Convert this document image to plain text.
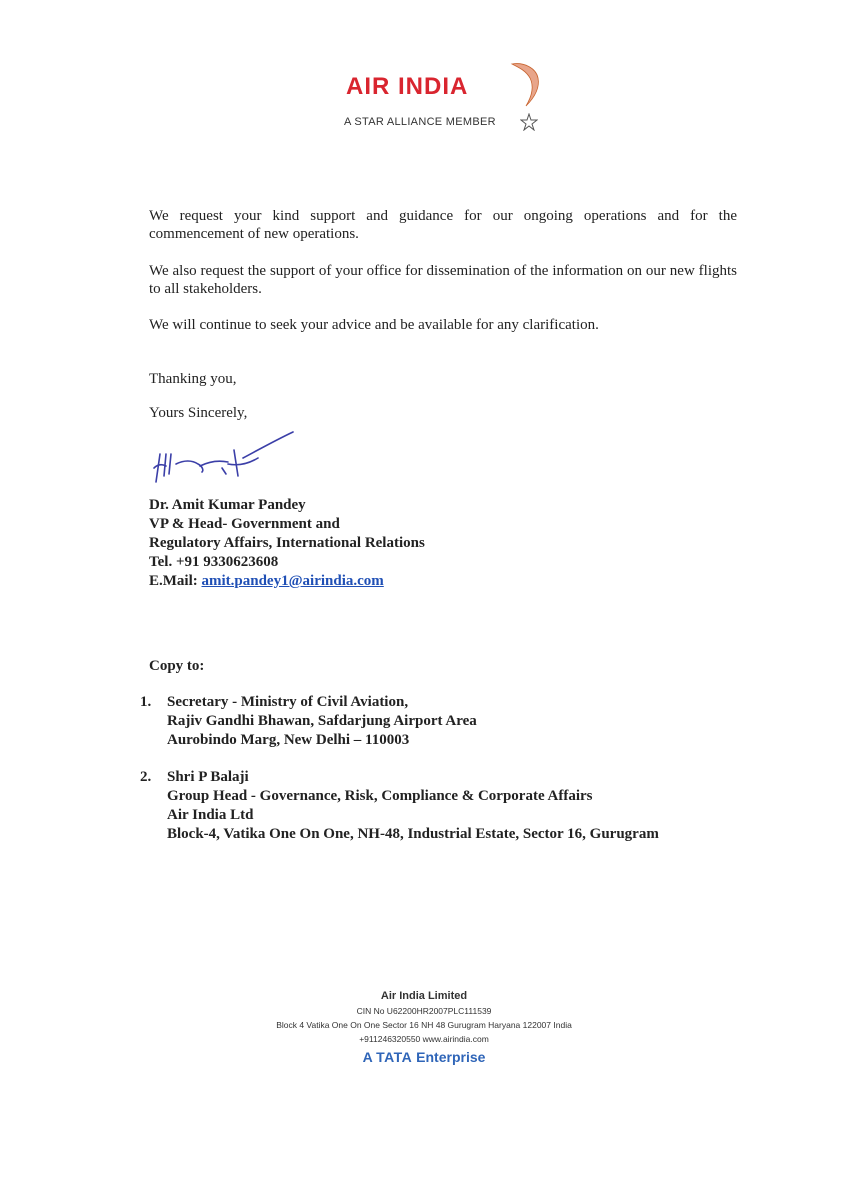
AIR INDIA
A STAR ALLIANCE MEMBER

We request your kind support and guidance for our ongoing operations and for the commencement of new operations.

We also request the support of your office for dissemination of the information on our new flights to all stakeholders.

We will continue to seek your advice and be available for any clarification.

Thanking you,

Yours Sincerely,

Dr. Amit Kumar Pandey
VP & Head- Government and
Regulatory Affairs, International Relations
Tel. +91 9330623608
E.Mail: amit.pandey1@airindia.com
Copy to:
1. Secretary - Ministry of Civil Aviation,
Rajiv Gandhi Bhawan, Safdarjung Airport Area
Aurobindo Marg, New Delhi – 110003
2. Shri P Balaji
Group Head - Governance, Risk, Compliance & Corporate Affairs
Air India Ltd
Block-4, Vatika One On One, NH-48, Industrial Estate, Sector 16, Gurugram
Air India Limited
CIN No U62200HR2007PLC111539
Block 4 Vatika One On One Sector 16 NH 48 Gurugram Haryana 122007 India
+911246320550 www.airindia.com
A TATA Enterprise
